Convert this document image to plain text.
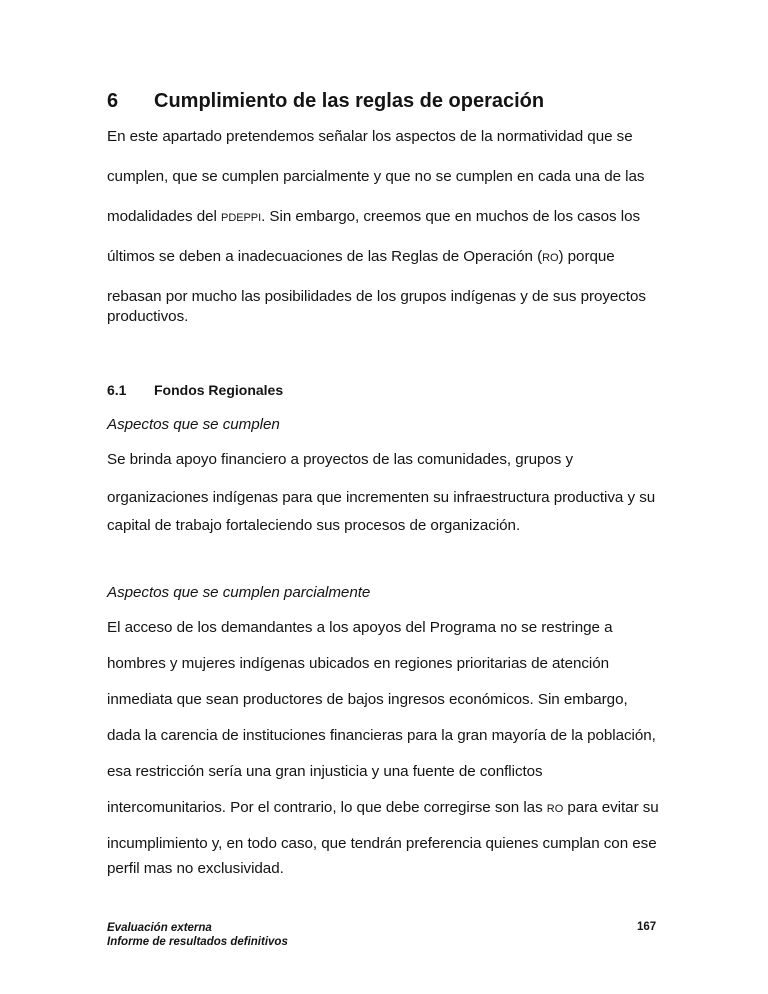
6 Cumplimiento de las reglas de operación
En este apartado pretendemos señalar los aspectos de la normatividad que se
cumplen, que se cumplen parcialmente y que no se cumplen en cada una de las
modalidades del PDEPPI. Sin embargo, creemos que en muchos de los casos los
últimos se deben a inadecuaciones de las Reglas de Operación (RO) porque
rebasan por mucho las posibilidades de los grupos indígenas y de sus proyectos
productivos.
6.1 Fondos Regionales
Aspectos que se cumplen
Se brinda apoyo financiero a proyectos de las comunidades, grupos y
organizaciones indígenas para que incrementen su infraestructura productiva y su
capital de trabajo fortaleciendo sus procesos de organización.
Aspectos que se cumplen parcialmente
El acceso de los demandantes a los apoyos del Programa no se restringe a
hombres y mujeres indígenas ubicados en regiones prioritarias de atención
inmediata que sean productores de bajos ingresos económicos. Sin embargo,
dada la carencia de instituciones financieras para la gran mayoría de la población,
esa restricción sería una gran injusticia y una fuente de conflictos
intercomunitarios. Por el contrario, lo que debe corregirse son las RO para evitar su
incumplimiento y, en todo caso, que tendrán preferencia quienes cumplan con ese
perfil mas no exclusividad.
Evaluación externa
Informe de resultados definitivos
167
